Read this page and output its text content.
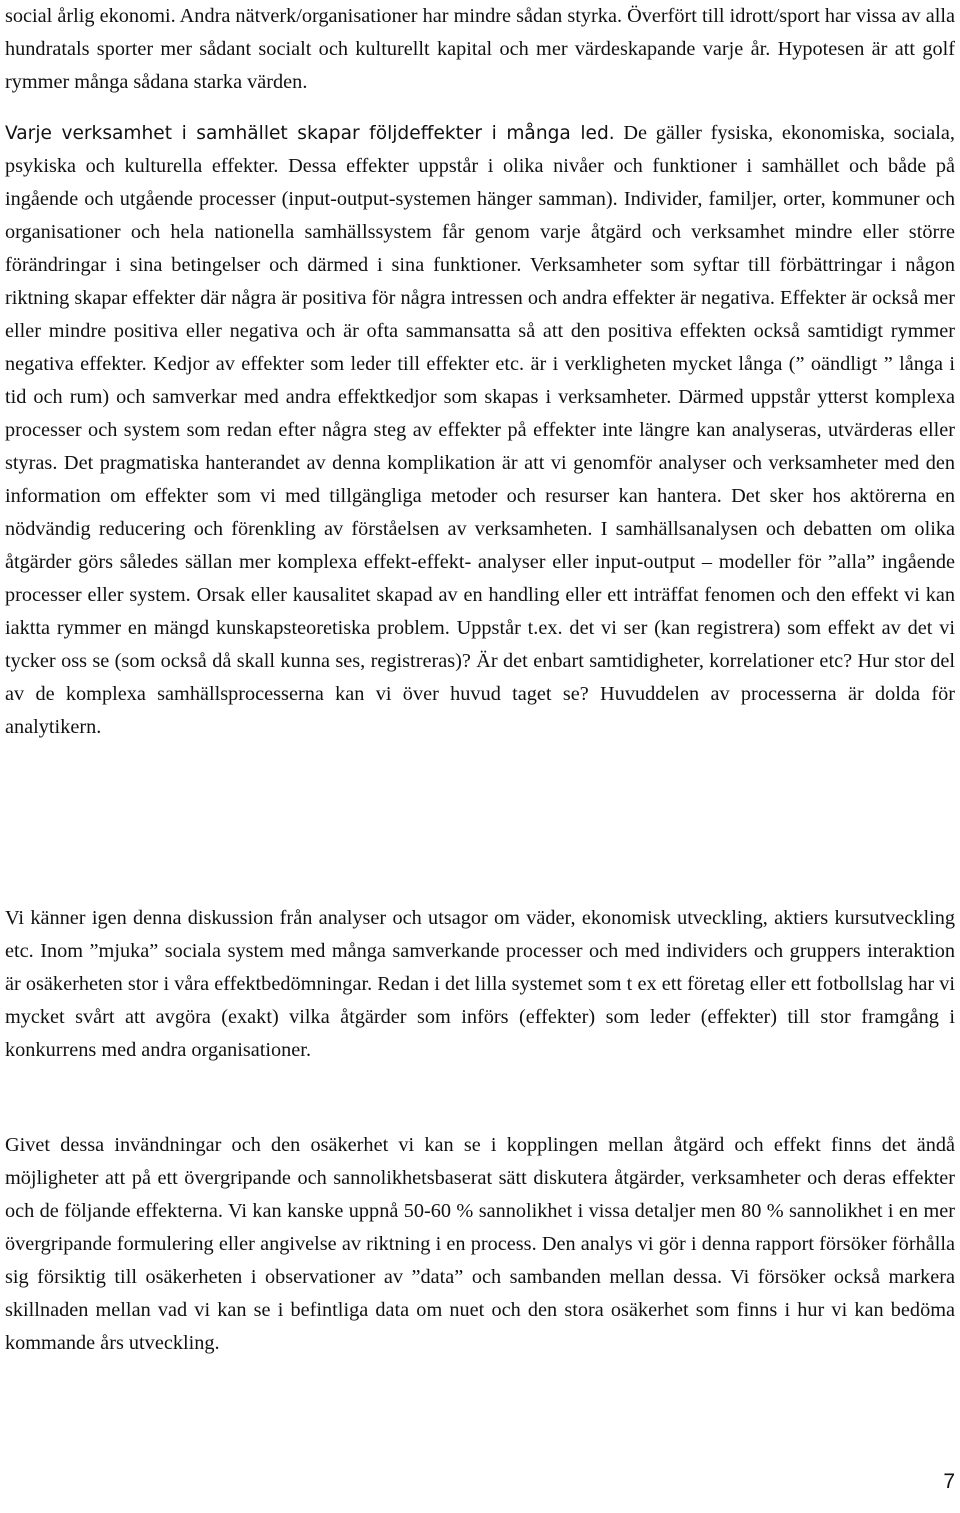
social årlig ekonomi. Andra nätverk/organisationer har mindre sådan styrka. Överfört till idrott/sport har vissa av alla hundratals sporter mer sådant socialt och kulturellt kapital och mer värdeskapande varje år. Hypotesen är att golf rymmer många sådana starka värden.

Varje verksamhet i samhället skapar följdeffekter i många led. De gäller fysiska, ekonomiska, sociala, psykiska och kulturella effekter. Dessa effekter uppstår i olika nivåer och funktioner i samhället och både på ingående och utgående processer (input-output-systemen hänger samman). Individer, familjer, orter, kommuner och organisationer och hela nationella samhällssystem får genom varje åtgärd och verksamhet mindre eller större förändringar i sina betingelser och därmed i sina funktioner. Verksamheter som syftar till förbättringar i någon riktning skapar effekter där några är positiva för några intressen och andra effekter är negativa. Effekter är också mer eller mindre positiva eller negativa och är ofta sammansatta så att den positiva effekten också samtidigt rymmer negativa effekter. Kedjor av effekter som leder till effekter etc. är i verkligheten mycket långa (” oändligt ” långa i tid och rum) och samverkar med andra effektkedjor som skapas i verksamheter. Därmed uppstår ytterst komplexa processer och system som redan efter några steg av effekter på effekter inte längre kan analyseras, utvärderas eller styras. Det pragmatiska hanterandet av denna komplikation är att vi genomför analyser och verksamheter med den information om effekter som vi med tillgängliga metoder och resurser kan hantera. Det sker hos aktörerna en nödvändig reducering och förenkling av förståelsen av verksamheten. I samhällsanalysen och debatten om olika åtgärder görs således sällan mer komplexa effekt-effekt- analyser eller input-output – modeller för ”alla” ingående processer eller system. Orsak eller kausalitet skapad av en handling eller ett inträffat fenomen och den effekt vi kan iaktta rymmer en mängd kunskapsteoretiska problem. Uppstår t.ex. det vi ser (kan registrera) som effekt av det vi tycker oss se (som också då skall kunna ses, registreras)? Är det enbart samtidigheter, korrelationer etc? Hur stor del av de komplexa samhällsprocesserna kan vi över huvud taget se? Huvuddelen av processerna är dolda för analytikern.

Vi känner igen denna diskussion från analyser och utsagor om väder, ekonomisk utveckling, aktiers kursutveckling etc. Inom ”mjuka” sociala system med många samverkande processer och med individers och gruppers interaktion är osäkerheten stor i våra effektbedömningar. Redan i det lilla systemet som t ex ett företag eller ett fotbollslag har vi mycket svårt att avgöra (exakt) vilka åtgärder som införs (effekter) som leder (effekter) till stor framgång i konkurrens med andra organisationer.

Givet dessa invändningar och den osäkerhet vi kan se i kopplingen mellan åtgärd och effekt finns det ändå möjligheter att på ett övergripande och sannolikhetsbaserat sätt diskutera åtgärder, verksamheter och deras effekter och de följande effekterna. Vi kan kanske uppnå 50-60 % sannolikhet i vissa detaljer men 80 % sannolikhet i en mer övergripande formulering eller angivelse av riktning i en process. Den analys vi gör i denna rapport försöker förhålla sig försiktig till osäkerheten i observationer av ”data” och sambanden mellan dessa. Vi försöker också markera skillnaden mellan vad vi kan se i befintliga data om nuet och den stora osäkerhet som finns i hur vi kan bedöma kommande års utveckling.

7
